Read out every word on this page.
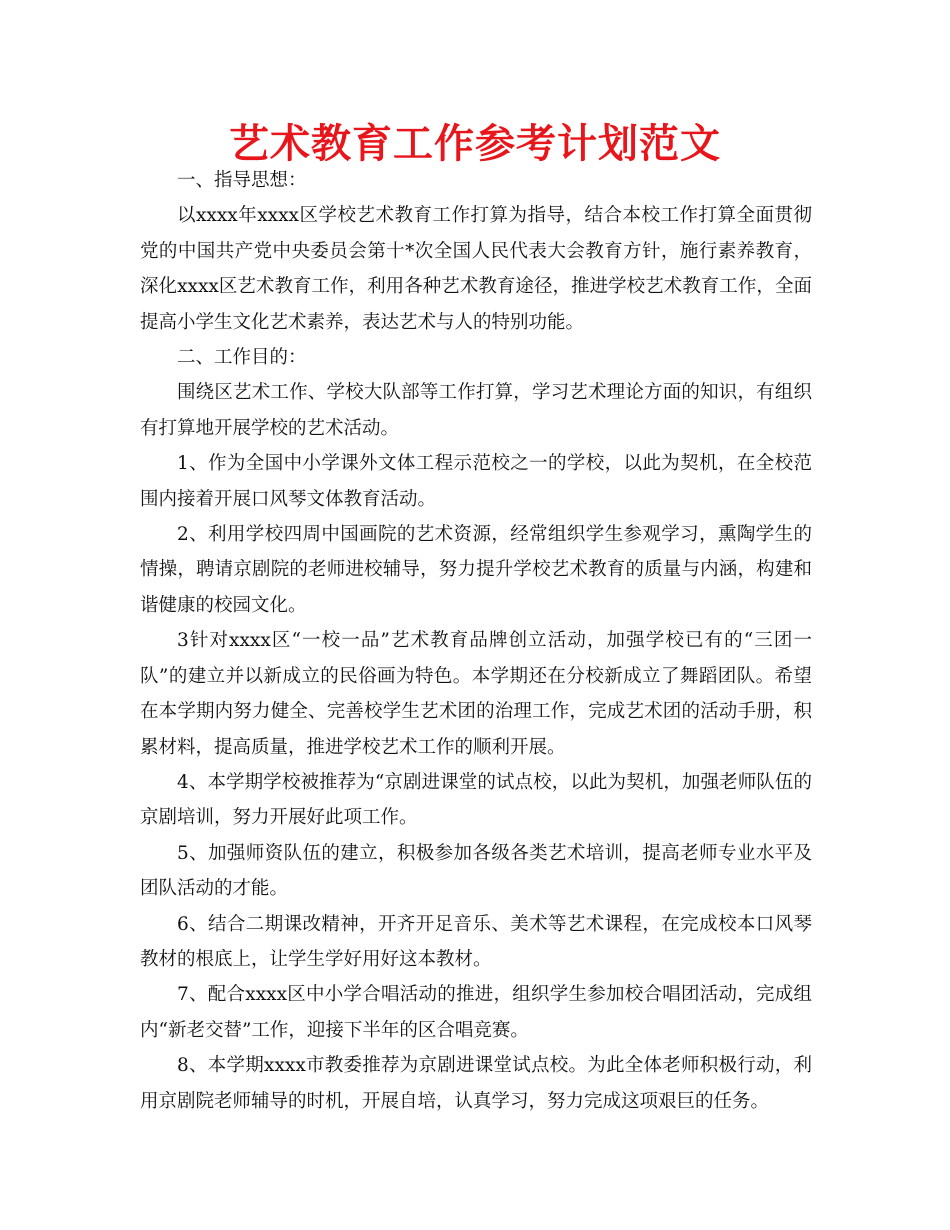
艺术教育工作参考计划范文

一、指导思想：

以xxxx年xxxx区学校艺术教育工作打算为指导，结合本校工作打算全面贯彻党的中国共产党中央委员会第十*次全国人民代表大会教育方针，施行素养教育，深化xxxx区艺术教育工作，利用各种艺术教育途径，推进学校艺术教育工作，全面提高小学生文化艺术素养，表达艺术与人的特别功能。

二、工作目的：

围绕区艺术工作、学校大队部等工作打算，学习艺术理论方面的知识，有组织有打算地开展学校的艺术活动。

1、作为全国中小学课外文体工程示范校之一的学校，以此为契机，在全校范围内接着开展口风琴文体教育活动。

2、利用学校四周中国画院的艺术资源，经常组织学生参观学习，熏陶学生的情操，聘请京剧院的老师进校辅导，努力提升学校艺术教育的质量与内涵，构建和谐健康的校园文化。

3针对xxxx区“一校一品”艺术教育品牌创立活动，加强学校已有的“三团一队”的建立并以新成立的民俗画为特色。本学期还在分校新成立了舞蹈团队。希望在本学期内努力健全、完善校学生艺术团的治理工作，完成艺术团的活动手册，积累材料，提高质量，推进学校艺术工作的顺利开展。

4、本学期学校被推荐为“京剧进课堂的试点校，以此为契机，加强老师队伍的京剧培训，努力开展好此项工作。

5、加强师资队伍的建立，积极参加各级各类艺术培训，提高老师专业水平及团队活动的才能。

6、结合二期课改精神，开齐开足音乐、美术等艺术课程，在完成校本口风琴教材的根底上，让学生学好用好这本教材。

7、配合xxxx区中小学合唱活动的推进，组织学生参加校合唱团活动，完成组内“新老交替”工作，迎接下半年的区合唱竞赛。

8、本学期xxxx市教委推荐为京剧进课堂试点校。为此全体老师积极行动，利用京剧院老师辅导的时机，开展自培，认真学习，努力完成这项艰巨的任务。
